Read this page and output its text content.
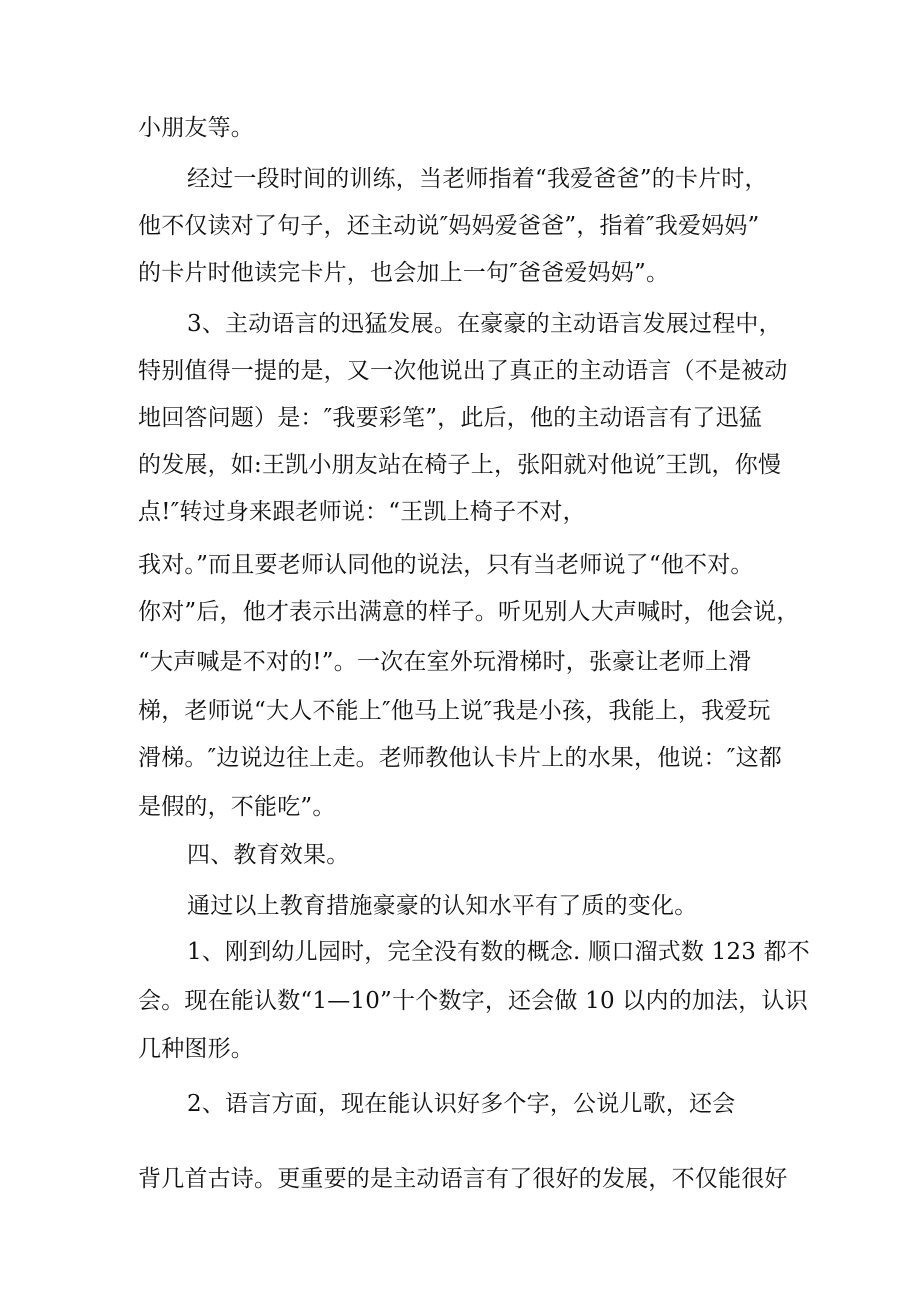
小朋友等。
经过一段时间的训练，当老师指着“我爱爸爸”的卡片时，
他不仅读对了句子，还主动说″妈妈爱爸爸”，指着″我爱妈妈”
的卡片时他读完卡片，也会加上一句″爸爸爱妈妈”。
3、主动语言的迅猛发展。在豪豪的主动语言发展过程中，
特别值得一提的是，又一次他说出了真正的主动语言（不是被动
地回答问题）是：″我要彩笔”，此后，他的主动语言有了迅猛
的发展，如:王凯小朋友站在椅子上，张阳就对他说″王凯，你慢
点!″转过身来跟老师说：“王凯上椅子不对，
我对。”而且要老师认同他的说法，只有当老师说了“他不对。
你对”后，他才表示出满意的样子。听见别人大声喊时，他会说，
“大声喊是不对的!”。一次在室外玩滑梯时，张豪让老师上滑
梯，老师说“大人不能上″他马上说″我是小孩，我能上，我爱玩
滑梯。″边说边往上走。老师教他认卡片上的水果，他说：″这都
是假的，不能吃”。
四、教育效果。
通过以上教育措施豪豪的认知水平有了质的变化。
1、刚到幼儿园时，完全没有数的概念. 顺口溜式数 123 都不
会。现在能认数“1—10”十个数字，还会做 10 以内的加法，认识
几种图形。
2、语言方面，现在能认识好多个字，公说儿歌，还会
背几首古诗。更重要的是主动语言有了很好的发展，不仅能很好
